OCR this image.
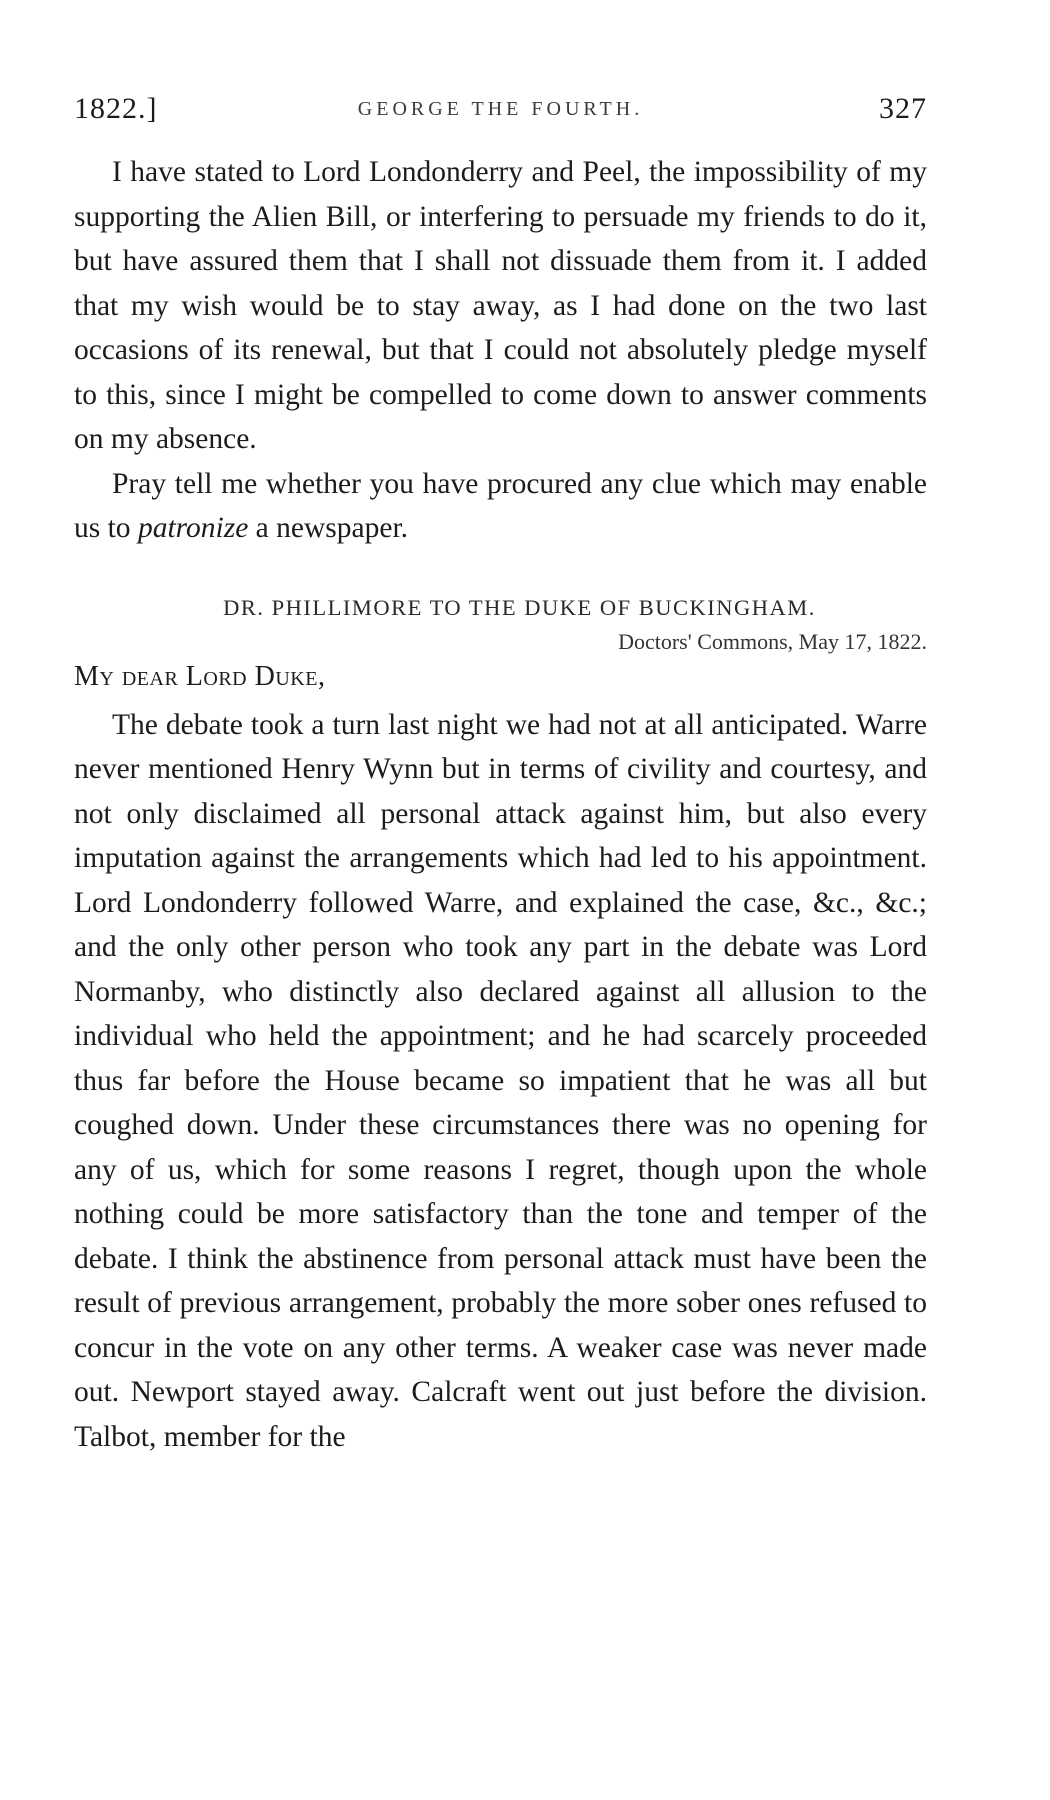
1822.]	GEORGE THE FOURTH.	327

I have stated to Lord Londonderry and Peel, the impossibility of my supporting the Alien Bill, or interfering to persuade my friends to do it, but have assured them that I shall not dissuade them from it. I added that my wish would be to stay away, as I had done on the two last occasions of its renewal, but that I could not absolutely pledge myself to this, since I might be compelled to come down to answer comments on my absence.

Pray tell me whether you have procured any clue which may enable us to patronize a newspaper.

DR. PHILLIMORE TO THE DUKE OF BUCKINGHAM.
Doctors' Commons, May 17, 1822.
My dear Lord Duke,

The debate took a turn last night we had not at all anticipated. Warre never mentioned Henry Wynn but in terms of civility and courtesy, and not only disclaimed all personal attack against him, but also every imputation against the arrangements which had led to his appointment. Lord Londonderry followed Warre, and explained the case, &c., &c.; and the only other person who took any part in the debate was Lord Normanby, who distinctly also declared against all allusion to the individual who held the appointment; and he had scarcely proceeded thus far before the House became so impatient that he was all but coughed down. Under these circumstances there was no opening for any of us, which for some reasons I regret, though upon the whole nothing could be more satisfactory than the tone and temper of the debate. I think the abstinence from personal attack must have been the result of previous arrangement, probably the more sober ones refused to concur in the vote on any other terms. A weaker case was never made out. Newport stayed away. Calcraft went out just before the division. Talbot, member for the
